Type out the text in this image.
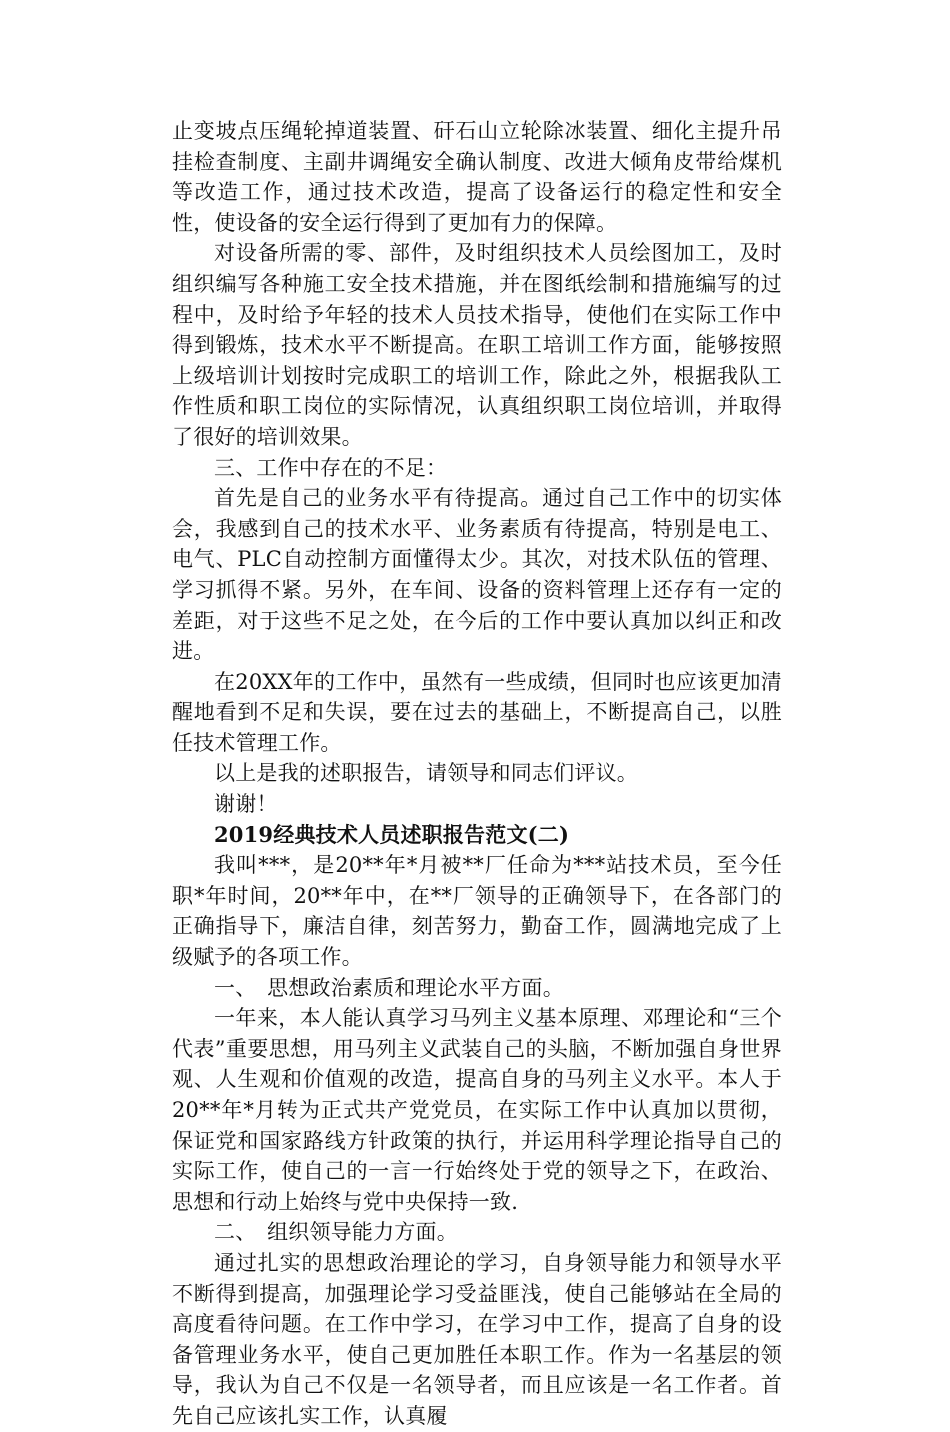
止变坡点压绳轮掉道装置、矸石山立轮除冰装置、细化主提升吊挂检查制度、主副井调绳安全确认制度、改进大倾角皮带给煤机等改造工作，通过技术改造，提高了设备运行的稳定性和安全性，使设备的安全运行得到了更加有力的保障。

对设备所需的零、部件，及时组织技术人员绘图加工，及时组织编写各种施工安全技术措施，并在图纸绘制和措施编写的过程中，及时给予年轻的技术人员技术指导，使他们在实际工作中得到锻炼，技术水平不断提高。在职工培训工作方面，能够按照上级培训计划按时完成职工的培训工作，除此之外，根据我队工作性质和职工岗位的实际情况，认真组织职工岗位培训，并取得了很好的培训效果。

三、工作中存在的不足：

首先是自己的业务水平有待提高。通过自己工作中的切实体会，我感到自己的技术水平、业务素质有待提高，特别是电工、电气、PLC自动控制方面懂得太少。其次，对技术队伍的管理、学习抓得不紧。另外，在车间、设备的资料管理上还存有一定的差距，对于这些不足之处，在今后的工作中要认真加以纠正和改进。

在20XX年的工作中，虽然有一些成绩，但同时也应该更加清醒地看到不足和失误，要在过去的基础上，不断提高自己，以胜任技术管理工作。

以上是我的述职报告，请领导和同志们评议。

谢谢！

2019经典技术人员述职报告范文(二)

我叫***，是20**年*月被**厂任命为***站技术员，至今任职*年时间，20**年中，在**厂领导的正确领导下，在各部门的正确指导下，廉洁自律，刻苦努力，勤奋工作，圆满地完成了上级赋予的各项工作。

一、　思想政治素质和理论水平方面。

一年来，本人能认真学习马列主义基本原理、邓理论和“三个代表”重要思想，用马列主义武装自己的头脑，不断加强自身世界观、人生观和价值观的改造，提高自身的马列主义水平。本人于20**年*月转为正式共产党党员，在实际工作中认真加以贯彻，保证党和国家路线方针政策的执行，并运用科学理论指导自己的实际工作，使自己的一言一行始终处于党的领导之下，在政治、思想和行动上始终与党中央保持一致.

二、　组织领导能力方面。

通过扎实的思想政治理论的学习，自身领导能力和领导水平不断得到提高，加强理论学习受益匪浅，使自己能够站在全局的高度看待问题。在工作中学习，在学习中工作，提高了自身的设备管理业务水平，使自己更加胜任本职工作。作为一名基层的领导，我认为自己不仅是一名领导者，而且应该是一名工作者。首先自己应该扎实工作，认真履
